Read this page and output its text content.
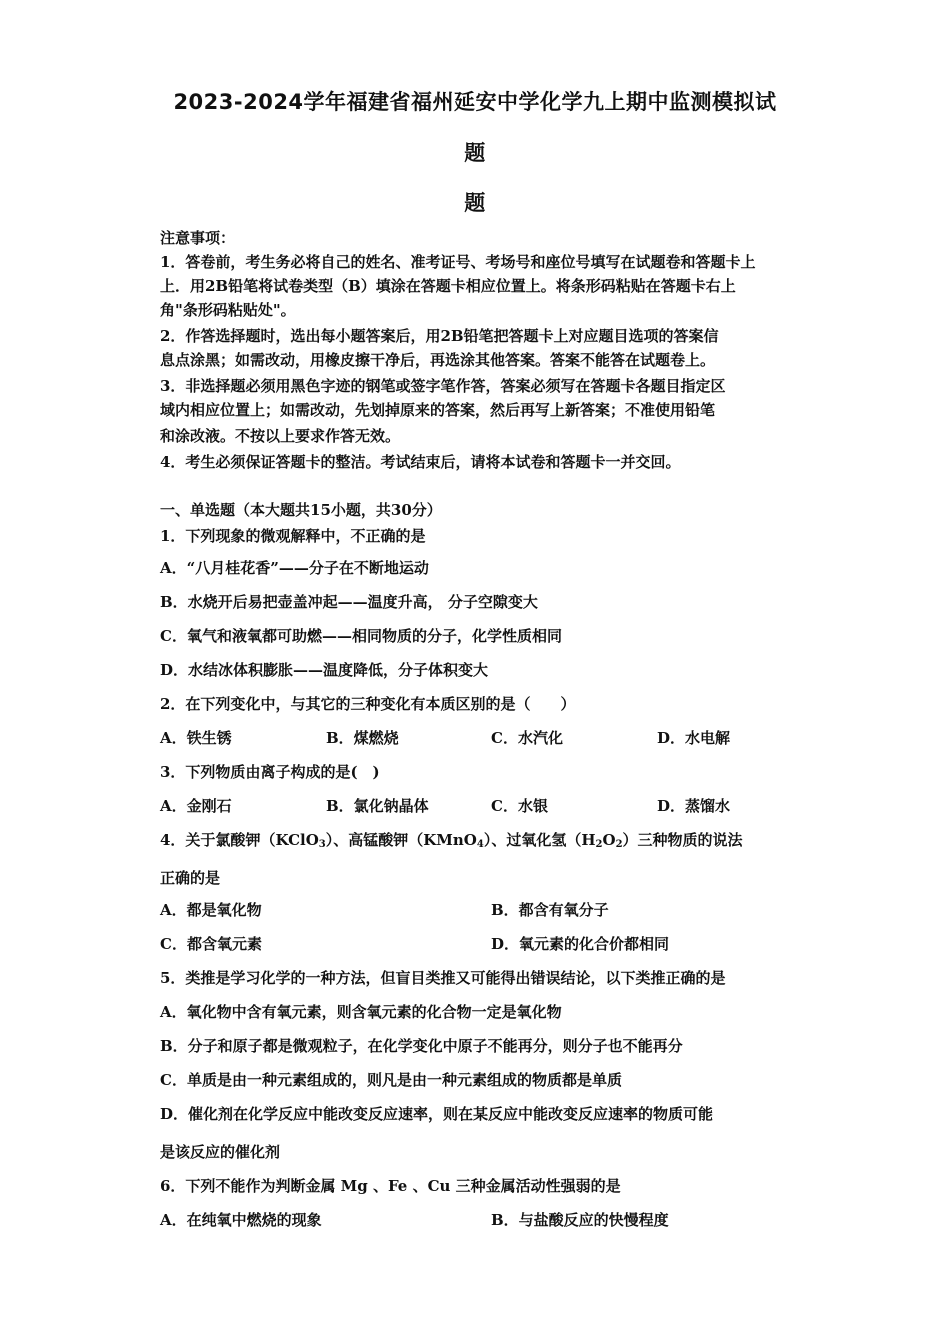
2023-2024学年福建省福州延安中学化学九上期中监测模拟试
题
题
注意事项：
1．答卷前，考生务必将自己的姓名、准考证号、考场号和座位号填写在试题卷和答题卡上
上．用2B铅笔将试卷类型（B）填涂在答题卡相应位置上。将条形码粘贴在答题卡右上
角"条形码粘贴处"。
2．作答选择题时，选出每小题答案后，用2B铅笔把答题卡上对应题目选项的答案信
息点涂黑；如需改动，用橡皮擦干净后，再选涂其他答案。答案不能答在试题卷上。
3．非选择题必须用黑色字迹的钢笔或签字笔作答，答案必须写在答题卡各题目指定区
域内相应位置上；如需改动，先划掉原来的答案，然后再写上新答案；不准使用铅笔
和涂改液。不按以上要求作答无效。
4．考生必须保证答题卡的整洁。考试结束后，请将本试卷和答题卡一并交回。
一、单选题（本大题共15小题，共30分）
1．下列现象的微观解释中，不正确的是
A．“八月桂花香”——分子在不断地运动
B．水烧开后易把壶盖冲起——温度升高， 分子空隙变大
C．氧气和液氧都可助燃——相同物质的分子，化学性质相同
D．水结冰体积膨胀——温度降低，分子体积变大
2．在下列变化中，与其它的三种变化有本质区别的是（　　）
A．铁生锈	B．煤燃烧	C．水汽化	D．水电解
3．下列物质由离子构成的是(　)
A．金刚石	B．氯化钠晶体	C．水银	D．蒸馏水
4．关于氯酸钾（KClO$_3$）、高锰酸钾（KMnO$_4$）、过氧化氢$(H_2O_2)$三种物质的说法
正确的是
A．都是氧化物	B．都含有氧分子
C．都含氧元素	D．氧元素的化合价都相同
5．类推是学习化学的一种方法，但盲目类推又可能得出错误结论，以下类推正确的是
A．氧化物中含有氧元素，则含氧元素的化合物一定是氧化物
B．分子和原子都是微观粒子，在化学变化中原子不能再分，则分子也不能再分
C．单质是由一种元素组成的，则凡是由一种元素组成的物质都是单质
D．催化剂在化学反应中能改变反应速率，则在某反应中能改变反应速率的物质可能
是该反应的催化剂
6．下列不能作为判断金属 Mg 、Fe 、Cu 三种金属活动性强弱的是
A．在纯氧中燃烧的现象	B．与盐酸反应的快慢程度
